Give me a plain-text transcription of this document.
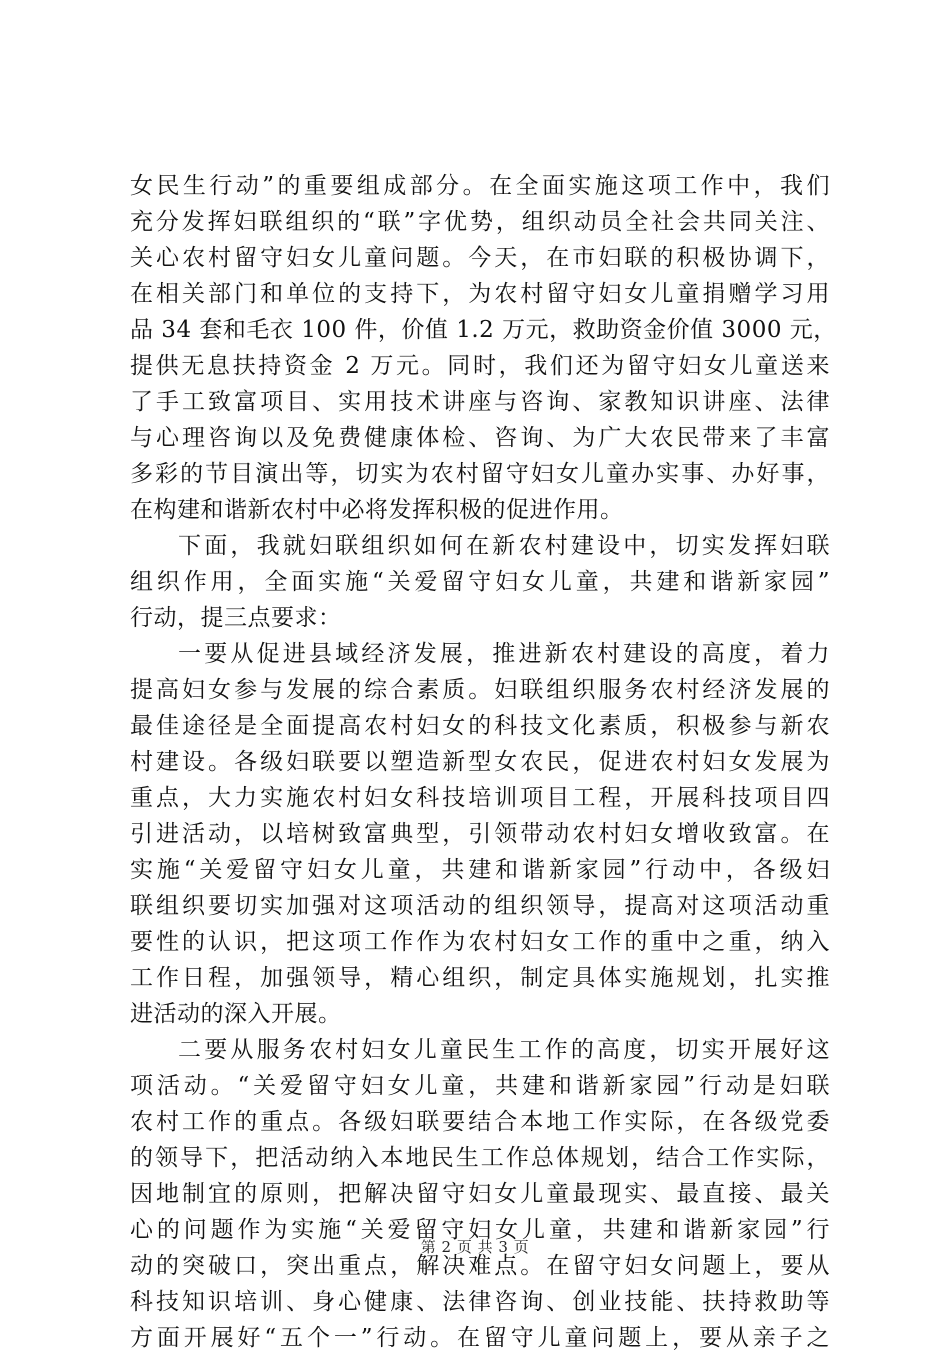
女民生行动”的重要组成部分。在全面实施这项工作中，我们
充分发挥妇联组织的“联”字优势，组织动员全社会共同关注、
关心农村留守妇女儿童问题。今天，在市妇联的积极协调下，
在相关部门和单位的支持下，为农村留守妇女儿童捐赠学习用
品 34 套和毛衣 100 件，价值 1.2 万元，救助资金价值 3000 元，
提供无息扶持资金 2 万元。同时，我们还为留守妇女儿童送来
了手工致富项目、实用技术讲座与咨询、家教知识讲座、法律
与心理咨询以及免费健康体检、咨询、为广大农民带来了丰富
多彩的节目演出等，切实为农村留守妇女儿童办实事、办好事，
在构建和谐新农村中必将发挥积极的促进作用。
下面，我就妇联组织如何在新农村建设中，切实发挥妇联
组织作用，全面实施“关爱留守妇女儿童，共建和谐新家园”
行动，提三点要求：
一要从促进县域经济发展，推进新农村建设的高度，着力
提高妇女参与发展的综合素质。妇联组织服务农村经济发展的
最佳途径是全面提高农村妇女的科技文化素质，积极参与新农
村建设。各级妇联要以塑造新型女农民，促进农村妇女发展为
重点，大力实施农村妇女科技培训项目工程，开展科技项目四
引进活动，以培树致富典型，引领带动农村妇女增收致富。在
实施“关爱留守妇女儿童，共建和谐新家园”行动中，各级妇
联组织要切实加强对这项活动的组织领导，提高对这项活动重
要性的认识，把这项工作作为农村妇女工作的重中之重，纳入
工作日程，加强领导，精心组织，制定具体实施规划，扎实推
进活动的深入开展。
二要从服务农村妇女儿童民生工作的高度，切实开展好这
项活动。“关爱留守妇女儿童，共建和谐新家园”行动是妇联
农村工作的重点。各级妇联要结合本地工作实际，在各级党委
的领导下，把活动纳入本地民生工作总体规划，结合工作实际，
因地制宜的原则，把解决留守妇女儿童最现实、最直接、最关
心的问题作为实施“关爱留守妇女儿童，共建和谐新家园”行
动的突破口，突出重点，解决难点。在留守妇女问题上，要从
科技知识培训、身心健康、法律咨询、创业技能、扶持救助等
方面开展好“五个一”行动。在留守儿童问题上，要从亲子之
第 2 页 共 3 页
